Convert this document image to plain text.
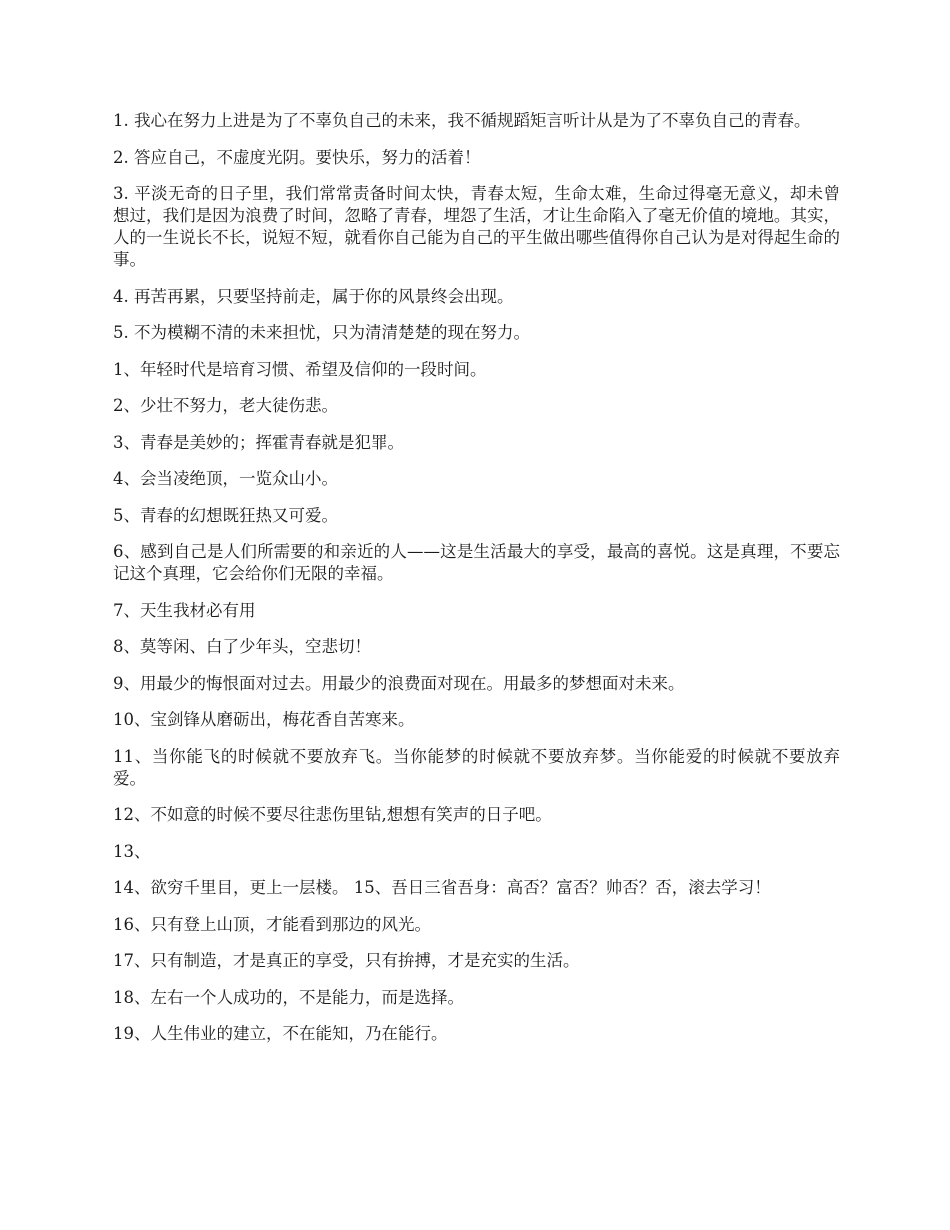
1. 我心在努力上进是为了不辜负自己的未来，我不循规蹈矩言听计从是为了不辜负自己的青春。

2. 答应自己，不虚度光阴。要快乐，努力的活着！

3. 平淡无奇的日子里，我们常常责备时间太快，青春太短，生命太难，生命过得毫无意义，却未曾想过，我们是因为浪费了时间，忽略了青春，埋怨了生活，才让生命陷入了毫无价值的境地。其实，人的一生说长不长，说短不短，就看你自己能为自己的平生做出哪些值得你自己认为是对得起生命的事。

4. 再苦再累，只要坚持前走，属于你的风景终会出现。

5. 不为模糊不清的未来担忧，只为清清楚楚的现在努力。

1、年轻时代是培育习惯、希望及信仰的一段时间。

2、少壮不努力，老大徒伤悲。

3、青春是美妙的；挥霍青春就是犯罪。

4、会当凌绝顶，一览众山小。

5、青春的幻想既狂热又可爱。

6、感到自己是人们所需要的和亲近的人——这是生活最大的享受，最高的喜悦。这是真理，不要忘记这个真理，它会给你们无限的幸福。

7、天生我材必有用

8、莫等闲、白了少年头，空悲切！

9、用最少的悔恨面对过去。用最少的浪费面对现在。用最多的梦想面对未来。

10、宝剑锋从磨砺出，梅花香自苦寒来。

11、当你能飞的时候就不要放弃飞。当你能梦的时候就不要放弃梦。当你能爱的时候就不要放弃爱。

12、不如意的时候不要尽往悲伤里钻,想想有笑声的日子吧。

13、

14、欲穷千里目，更上一层楼。 15、吾日三省吾身：高否？富否？帅否？否，滚去学习！

16、只有登上山顶，才能看到那边的风光。

17、只有制造，才是真正的享受，只有拚搏，才是充实的生活。

18、左右一个人成功的，不是能力，而是选择。

19、人生伟业的建立，不在能知，乃在能行。
